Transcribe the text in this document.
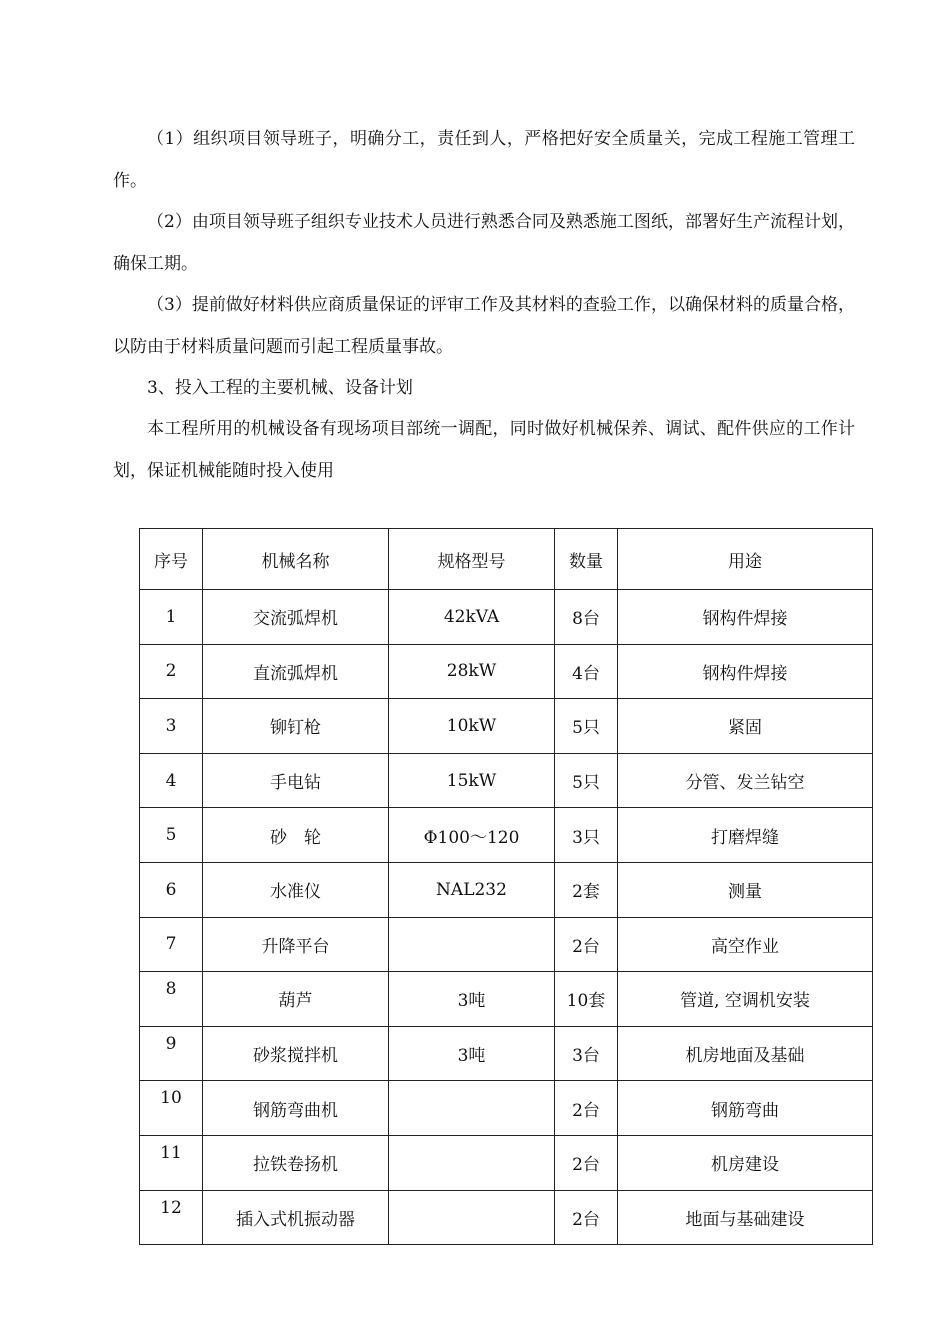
（1）组织项目领导班子，明确分工，责任到人，严格把好安全质量关，完成工程施工管理工作。

（2）由项目领导班子组织专业技术人员进行熟悉合同及熟悉施工图纸，部署好生产流程计划，确保工期。

（3）提前做好材料供应商质量保证的评审工作及其材料的查验工作，以确保材料的质量合格，以防由于材料质量问题而引起工程质量事故。

3、投入工程的主要机械、设备计划

本工程所用的机械设备有现场项目部统一调配，同时做好机械保养、调试、配件供应的工作计划，保证机械能随时投入使用

序号	机械名称	规格型号	数量	用途
1	交流弧焊机	42kVA	8台	钢构件焊接
2	直流弧焊机	28kW	4台	钢构件焊接
3	铆钉枪	10kW	5只	紧固
4	手电钻	15kW	5只	分管、发兰钻空
5	砂　轮	Φ100～120	3只	打磨焊缝
6	水准仪	NAL232	2套	测量
7	升降平台		2台	高空作业
8	葫芦	3吨	10套	管道, 空调机安装
9	砂浆搅拌机	3吨	3台	机房地面及基础
10	钢筋弯曲机		2台	钢筋弯曲
11	拉铁卷扬机		2台	机房建设
12	插入式机振动器		2台	地面与基础建设
